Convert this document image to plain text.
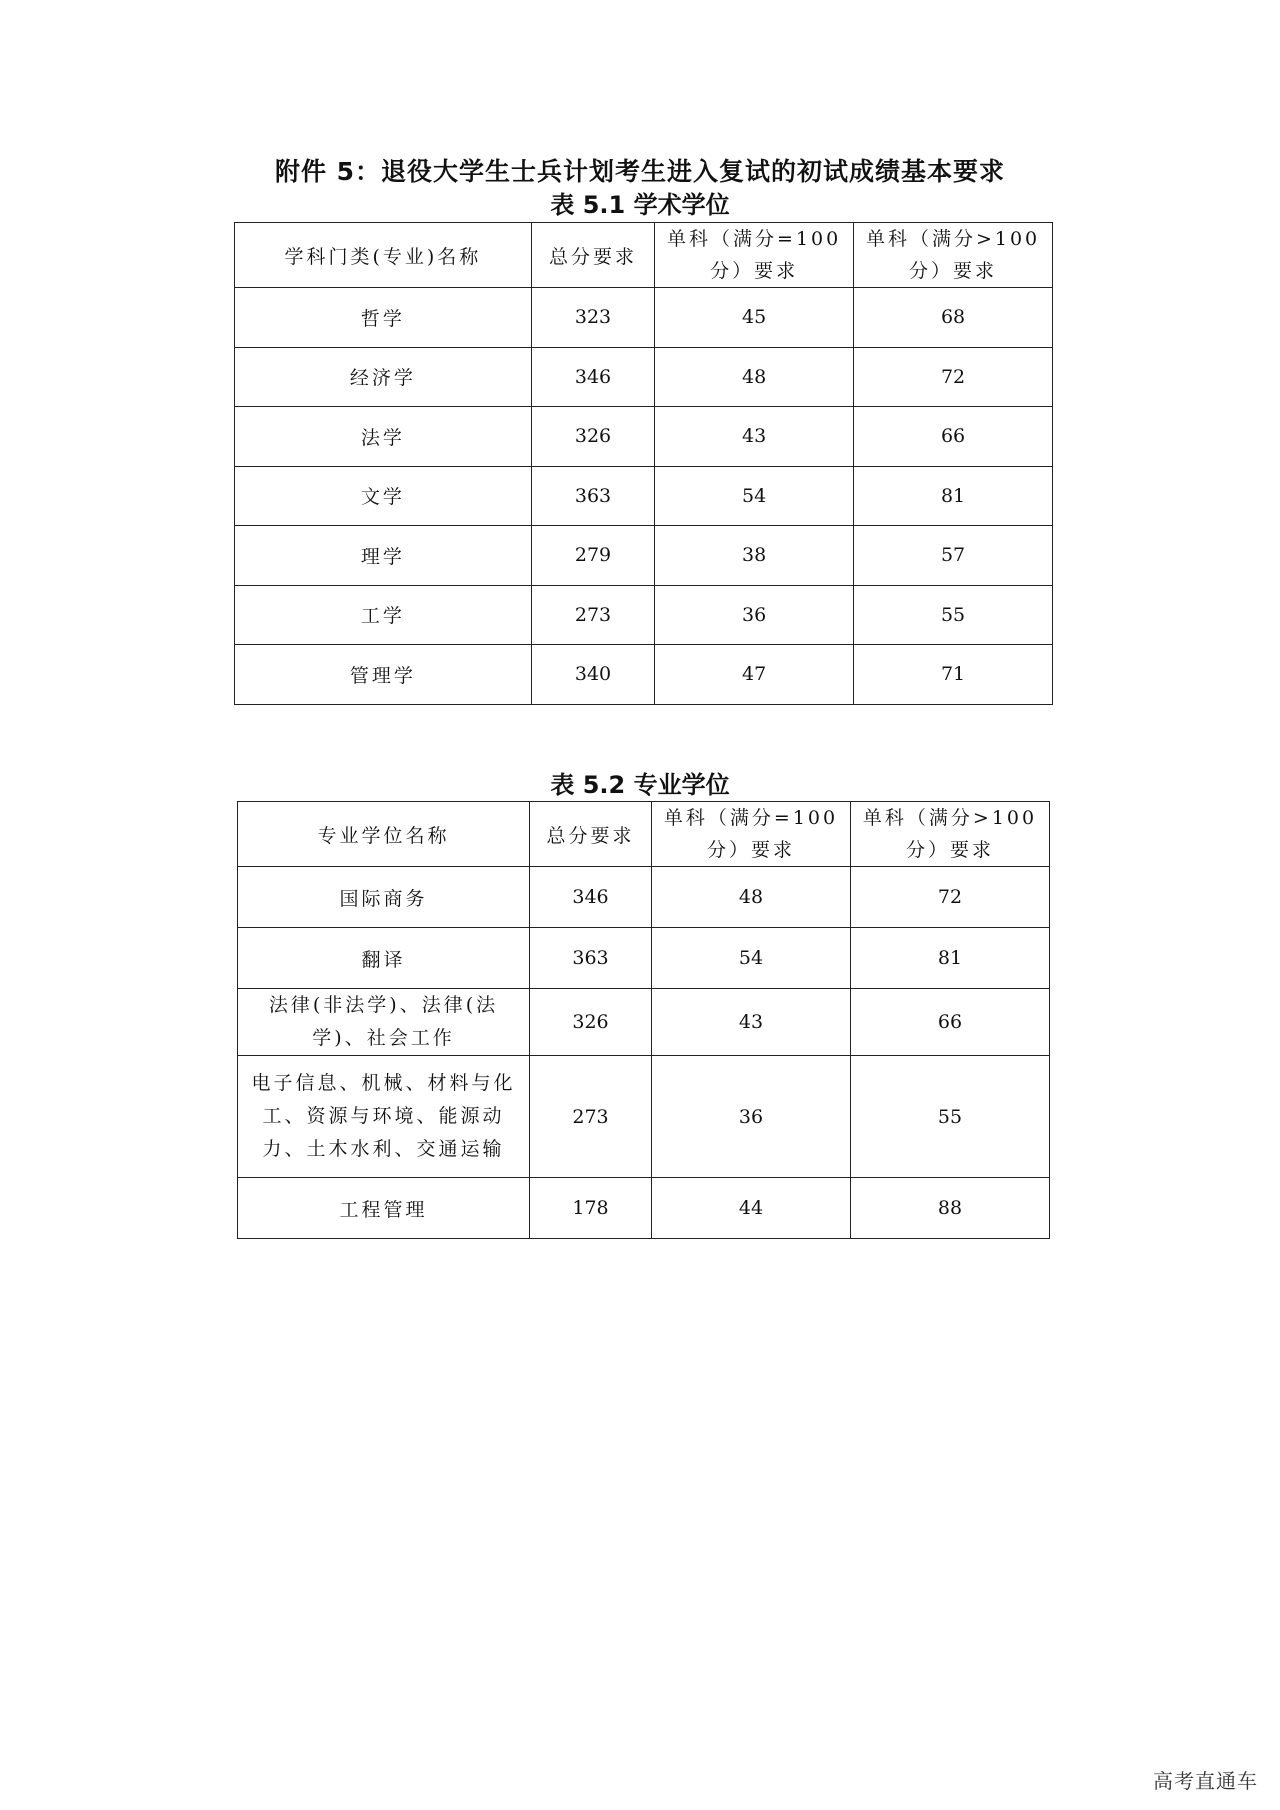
附件 5：退役大学生士兵计划考生进入复试的初试成绩基本要求
表 5.1 学术学位
学科门类(专业)名称	总分要求	单科（满分=100分）要求	单科（满分>100分）要求
哲学	323	45	68
经济学	346	48	72
法学	326	43	66
文学	363	54	81
理学	279	38	57
工学	273	36	55
管理学	340	47	71
表 5.2 专业学位
专业学位名称	总分要求	单科（满分=100分）要求	单科（满分>100分）要求
国际商务	346	48	72
翻译	363	54	81
法律(非法学)、法律(法学)、社会工作	326	43	66
电子信息、机械、材料与化工、资源与环境、能源动力、土木水利、交通运输	273	36	55
工程管理	178	44	88
高考直通车
